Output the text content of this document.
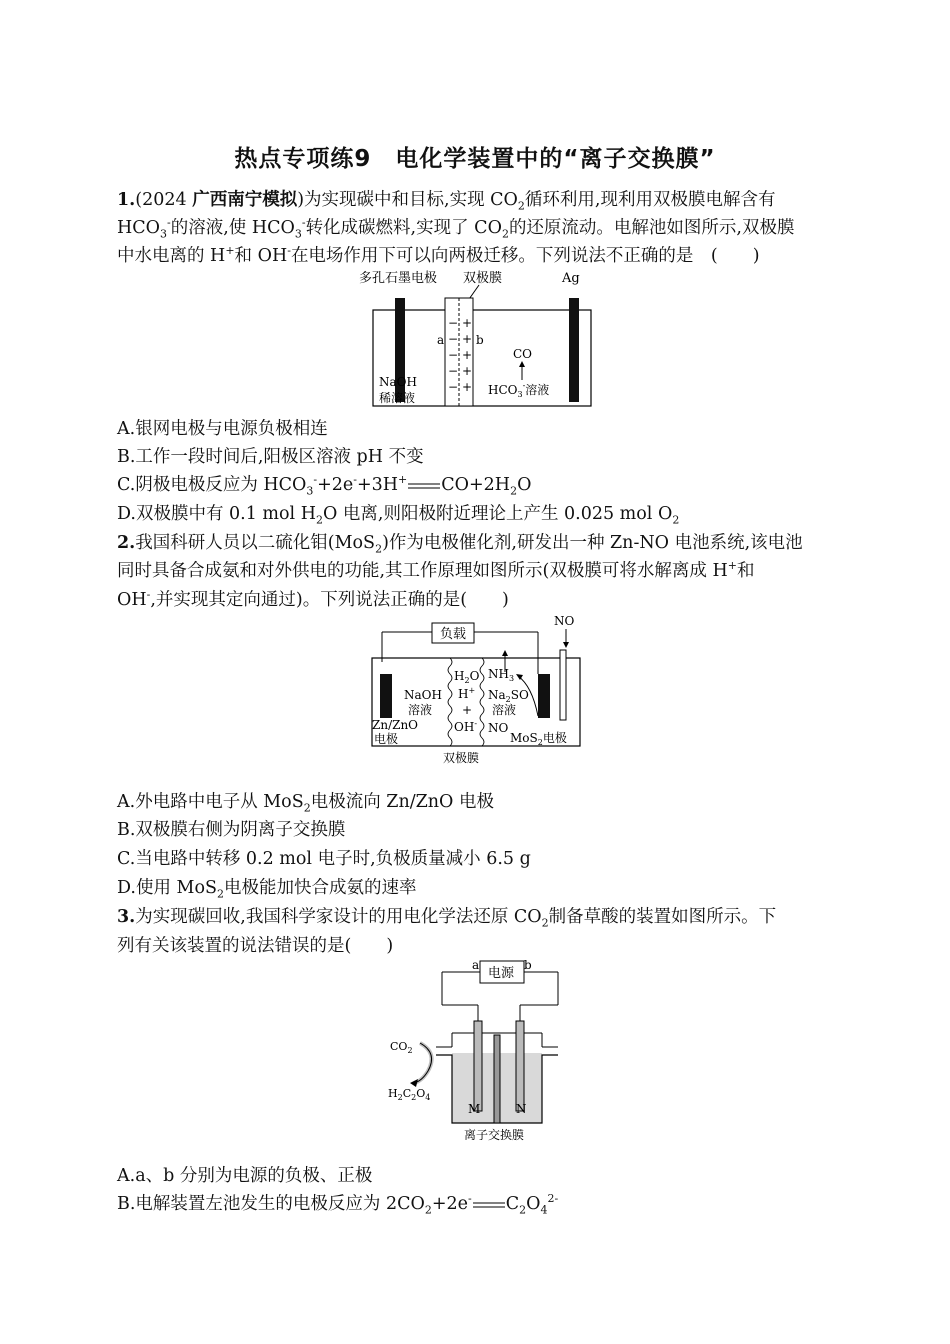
热点专项练9　电化学装置中的“离子交换膜”
1.(2024 广西南宁模拟)为实现碳中和目标,实现 $CO_2$循环利用,现利用双极膜电解含有
$HCO_3^-$的溶液,使 $HCO_3^-$转化成碳燃料,实现了 $CO_2$的还原流动。电解池如图所示,双极膜
中水电离的 H+和 OH-在电场作用下可以向两极迁移。下列说法不正确的是　(　　)
多孔石墨电极 双极膜	Ag
− +
− +
− +
− +
− +
a	b
CO
$HCO_3^-$溶液
NaOH
稀溶液
A.银网电极与电源负极相连
B.工作一段时间后,阳极区溶液 pH 不变
C.阴极电极反应为 $HCO_3^-+2e^-+3H^+$ $CO+2H_2O$
D.双极膜中有 0.1 mol $H_2O$ 电离,则阳极附近理论上产生 0.025 mol $O_2$
2.我国科研人员以二硫化钼(MoS$_2$)作为电极催化剂,研发出一种 Zn-NO 电池系统,该电池
同时具备合成氨和对外供电的功能,其工作原理如图所示(双极膜可将水解离成 H+和
OH-,并实现其定向通过)。下列说法正确的是(　　)
负载
NO
$H_2O$
H+
+
OH-
NaOH
溶液
$NH_3$
$Na_2SO$
溶液
NO
Zn/ZnO
电极	MoS$_2$电极
双极膜
A.外电路中电子从 MoS$_2$电极流向 Zn/ZnO 电极
B.双极膜右侧为阴离子交换膜
C.当电路中转移 0.2 mol 电子时,负极质量减小 6.5 g
D.使用 MoS$_2$电极能加快合成氨的速率
3.为实现碳回收,我国科学家设计的用电化学法还原 $CO_2$制备草酸的装置如图所示。下
列有关该装置的说法错误的是(　　)
a	b
电源
M	N
$CO_2$
$H_2C_2O_4$
离子交换膜
A.a、b 分别为电源的负极、正极
B.电解装置左池发生的电极反应为 $2CO_2+2e^-$ $C_2O_4^{2-}$
